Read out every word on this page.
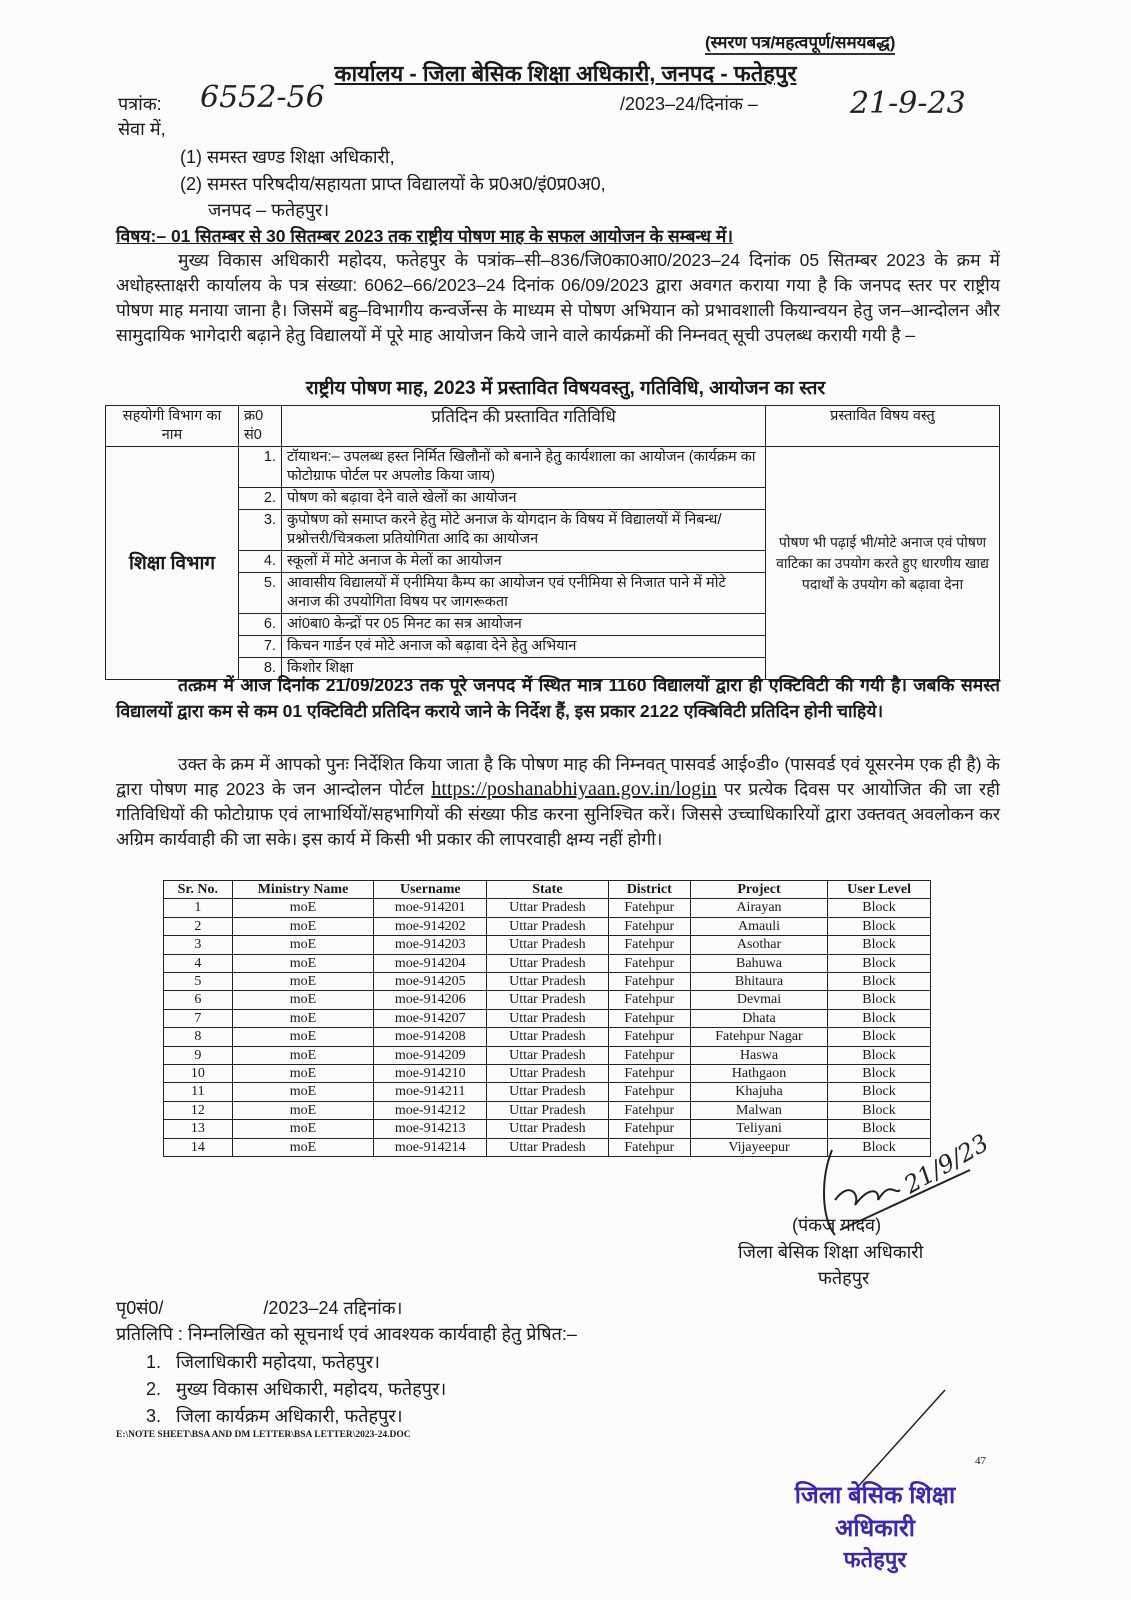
(स्मरण पत्र/महत्वपूर्ण/समयबद्ध)
कार्यालय - जिला बेसिक शिक्षा अधिकारी, जनपद - फतेहपुर
पत्रांक: 6552-56	/2023–24/दिनांक –	21-9-23
सेवा में,
(1) समस्त खण्ड शिक्षा अधिकारी,
(2) समस्त परिषदीय/सहायता प्राप्त विद्यालयों के प्र0अ0/इं0प्र0अ0,
जनपद – फतेहपुर।
विषय:– 01 सितम्बर से 30 सितम्बर 2023 तक राष्ट्रीय पोषण माह के सफल आयोजन के सम्बन्ध में।
मुख्य विकास अधिकारी महोदय, फतेहपुर के पत्रांक–सी–836/जि0का0आ0/2023–24 दिनांक 05 सितम्बर 2023 के क्रम में अधोहस्ताक्षरी कार्यालय के पत्र संख्या: 6062–66/2023–24 दिनांक 06/09/2023 द्वारा अवगत कराया गया है कि जनपद स्तर पर राष्ट्रीय पोषण माह मनाया जाना है। जिसमें बहु–विभागीय कन्वर्जेन्स के माध्यम से पोषण अभियान को प्रभावशाली कियान्वयन हेतु जन–आन्दोलन और सामुदायिक भागेदारी बढ़ाने हेतु विद्यालयों में पूरे माह आयोजन किये जाने वाले कार्यक्रमों की निम्नवत् सूची उपलब्ध करायी गयी है –
राष्ट्रीय पोषण माह, 2023 में प्रस्तावित विषयवस्तु, गतिविधि, आयोजन का स्तर
सहयोगी विभाग का नाम	क्र0 सं0	प्रतिदिन की प्रस्तावित गतिविधि	प्रस्तावित विषय वस्तु
शिक्षा विभाग	1.	टॉयाथन:– उपलब्ध हस्त निर्मित खिलौनों को बनाने हेतु कार्यशाला का आयोजन (कार्यक्रम का फोटोग्राफ पोर्टल पर अपलोड किया जाय)	पोषण भी पढ़ाई भी/मोटे अनाज एवं पोषण वाटिका का उपयोग करते हुए धारणीय खाद्य पदार्थों के उपयोग को बढ़ावा देना
	2.	पोषण को बढ़ावा देने वाले खेलों का आयोजन	
	3.	कुपोषण को समाप्त करने हेतु मोटे अनाज के योगदान के विषय में विद्यालयों में निबन्ध/प्रश्नोत्तरी/चित्रकला प्रतियोगिता आदि का आयोजन	
	4.	स्कूलों में मोटे अनाज के मेलों का आयोजन	
	5.	आवासीय विद्यालयों में एनीमिया कैम्प का आयोजन एवं एनीमिया से निजात पाने में मोटे अनाज की उपयोगिता विषय पर जागरूकता	
	6.	आं0बा0 केन्द्रों पर 05 मिनट का सत्र आयोजन	
	7.	किचन गार्डन एवं मोटे अनाज को बढ़ावा देने हेतु अभियान	
	8.	किशोर शिक्षा	
तत्क्रम में आज दिनांक 21/09/2023 तक पूरे जनपद में स्थित मात्र 1160 विद्यालयों द्वारा ही एक्टिविटी की गयी है। जबकि समस्त विद्यालयों द्वारा कम से कम 01 एक्टिविटी प्रतिदिन कराये जाने के निर्देश हैं, इस प्रकार 2122 एक्बिविटी प्रतिदिन होनी चाहिये।
उक्त के क्रम में आपको पुनः निर्देशित किया जाता है कि पोषण माह की निम्नवत् पासवर्ड आई०डी० (पासवर्ड एवं यूसरनेम एक ही है) के द्वारा पोषण माह 2023 के जन आन्दोलन पोर्टल https://poshanabhiyaan.gov.in/login पर प्रत्येक दिवस पर आयोजित की जा रही गतिविधियों की फोटोग्राफ एवं लाभार्थियों/सहभागियों की संख्या फीड करना सुनिश्चित करें। जिससे उच्चाधिकारियों द्वारा उक्तवत् अवलोकन कर अग्रिम कार्यवाही की जा सके। इस कार्य में किसी भी प्रकार की लापरवाही क्षम्य नहीं होगी।
Sr. No.	Ministry Name	Username	State	District	Project	User Level
1	moE	moe-914201	Uttar Pradesh	Fatehpur	Airayan	Block
2	moE	moe-914202	Uttar Pradesh	Fatehpur	Amauli	Block
3	moE	moe-914203	Uttar Pradesh	Fatehpur	Asothar	Block
4	moE	moe-914204	Uttar Pradesh	Fatehpur	Bahuwa	Block
5	moE	moe-914205	Uttar Pradesh	Fatehpur	Bhitaura	Block
6	moE	moe-914206	Uttar Pradesh	Fatehpur	Devmai	Block
7	moE	moe-914207	Uttar Pradesh	Fatehpur	Dhata	Block
8	moE	moe-914208	Uttar Pradesh	Fatehpur	Fatehpur Nagar	Block
9	moE	moe-914209	Uttar Pradesh	Fatehpur	Haswa	Block
10	moE	moe-914210	Uttar Pradesh	Fatehpur	Hathgaon	Block
11	moE	moe-914211	Uttar Pradesh	Fatehpur	Khajuha	Block
12	moE	moe-914212	Uttar Pradesh	Fatehpur	Malwan	Block
13	moE	moe-914213	Uttar Pradesh	Fatehpur	Teliyani	Block
14	moE	moe-914214	Uttar Pradesh	Fatehpur	Vijayeepur	Block 21/9/23
(पंकज यादव)
जिला बेसिक शिक्षा अधिकारी
फतेहपुर
पृ0सं0/                    /2023–24 तद्दिनांक।
प्रतिलिपि : निम्नलिखित को सूचनार्थ एवं आवश्यक कार्यवाही हेतु प्रेषित:–
1.   जिलाधिकारी महोदया, फतेहपुर।
2.   मुख्य विकास अधिकारी, महोदय, फतेहपुर।
3.   जिला कार्यक्रम अधिकारी, फतेहपुर।
E:\NOTE SHEET\BSA AND DM LETTER\BSA LETTER\2023-24.DOC
47
जिला बेसिक शिक्षा अधिकारी
फतेहपुर
